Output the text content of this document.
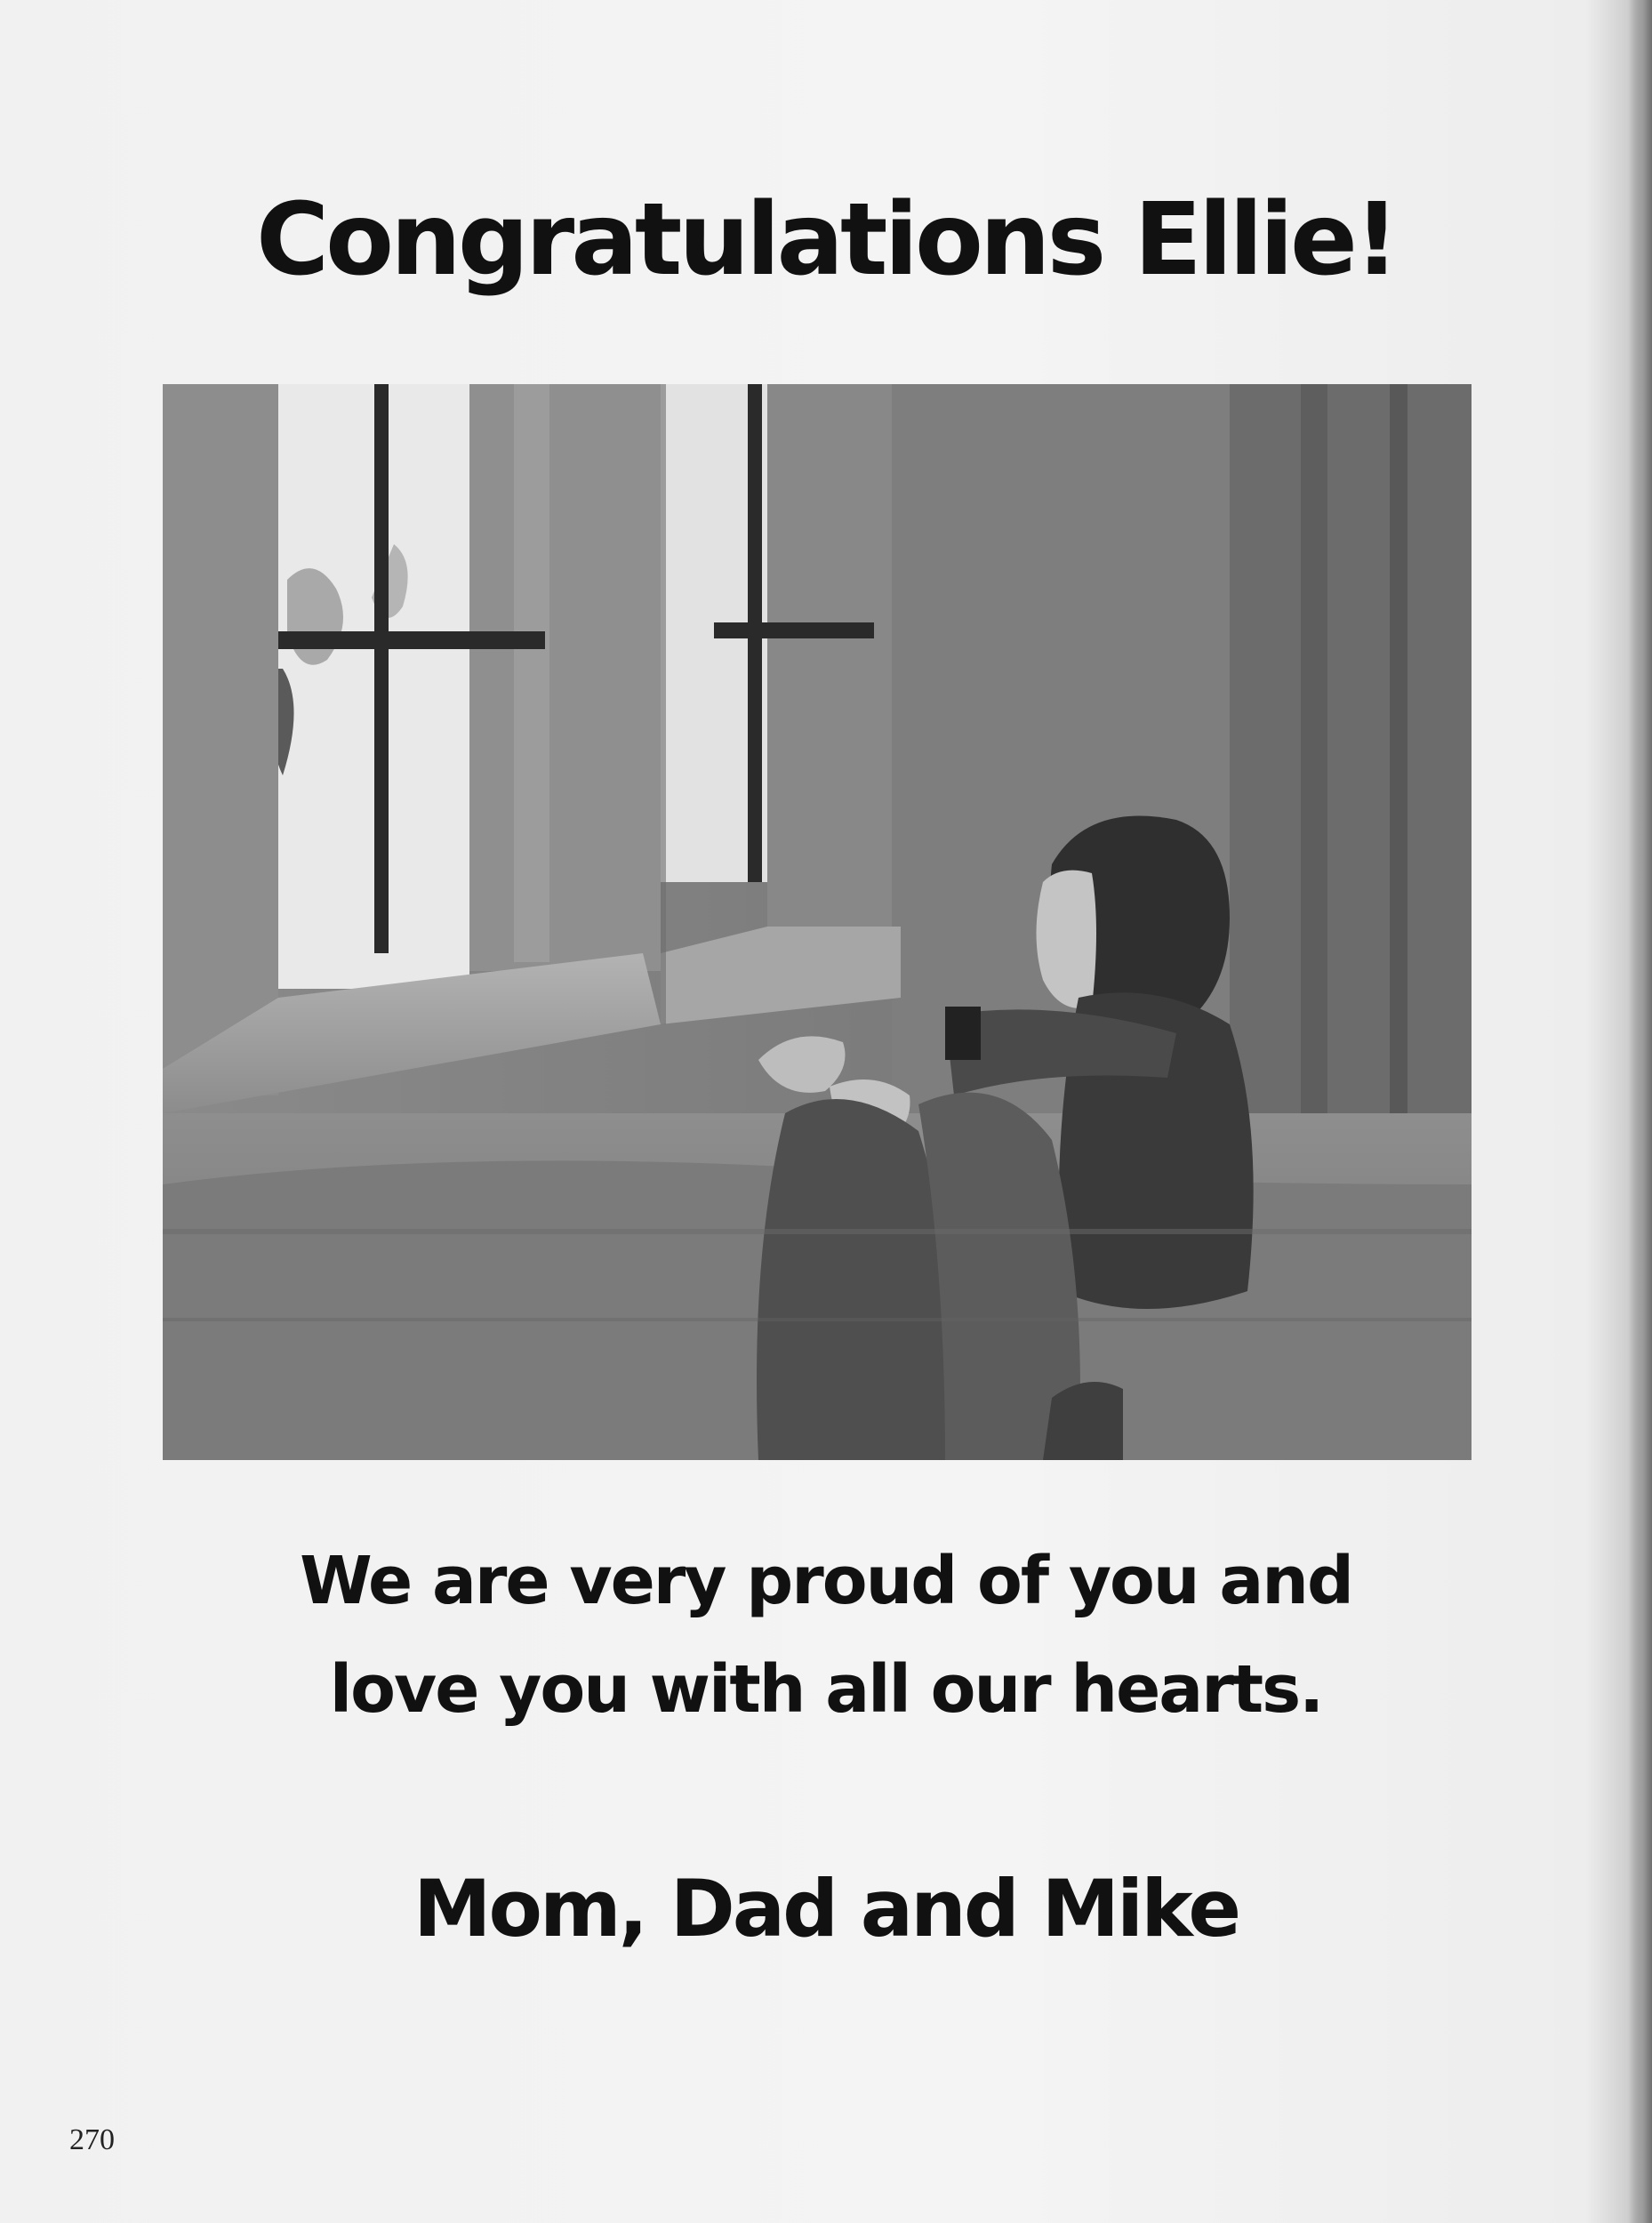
Congratulations Ellie!

We are very proud of you and

love you with all our hearts.

Mom, Dad and Mike

270
